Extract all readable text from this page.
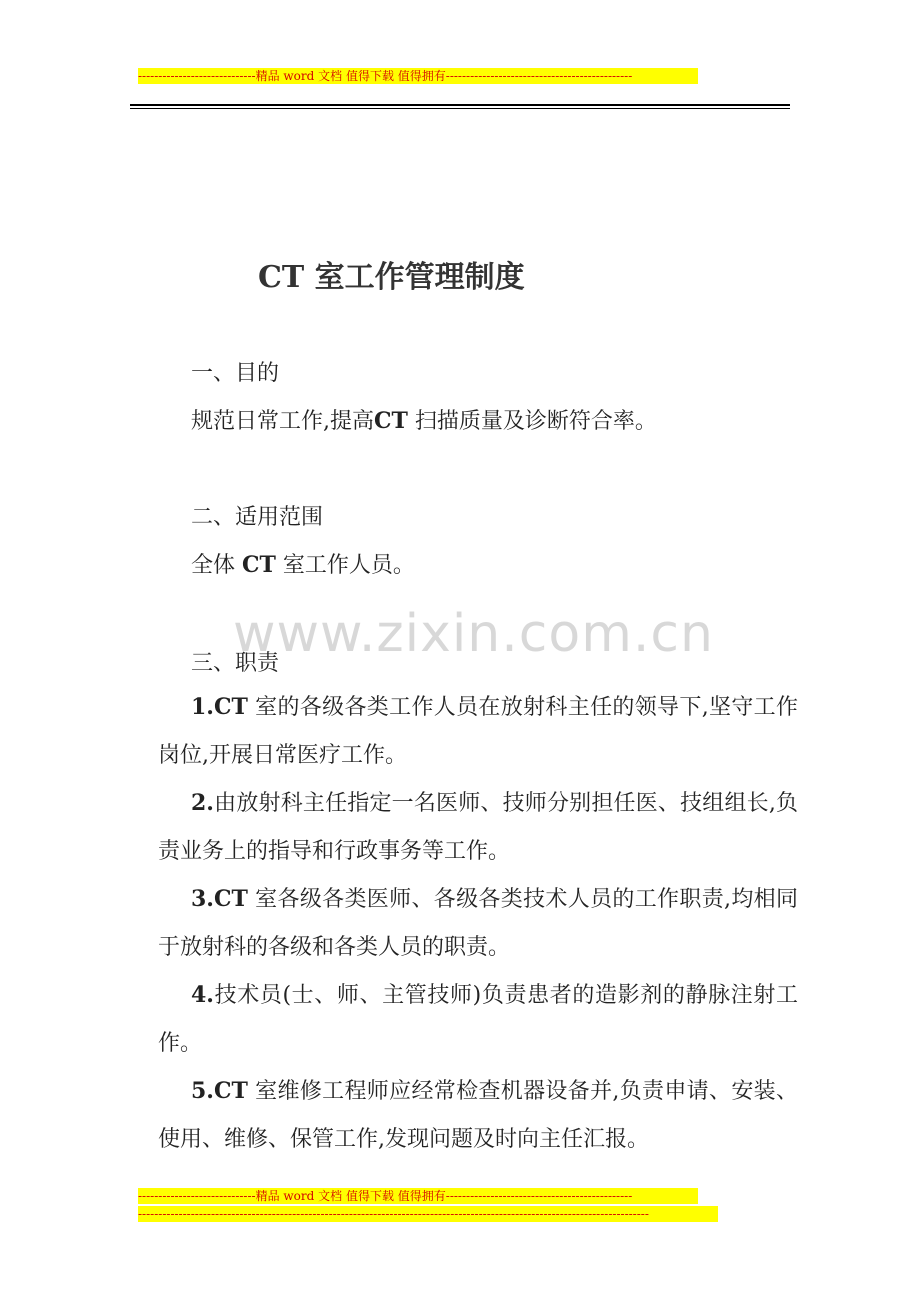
-----------------------------精品 word 文档 值得下载 值得拥有----------------------------------------------
CT 室工作管理制度
一、目的
规范日常工作,提高CT 扫描质量及诊断符合率。
二、适用范围
全体 CT 室工作人员。
www.zixin.com.cn
三、职责
1.CT 室的各级各类工作人员在放射科主任的领导下,坚守工作岗位,开展日常医疗工作。
2.由放射科主任指定一名医师、技师分别担任医、技组组长,负责业务上的指导和行政事务等工作。
3.CT 室各级各类医师、各级各类技术人员的工作职责,均相同于放射科的各级和各类人员的职责。
4.技术员(士、师、主管技师)负责患者的造影剂的静脉注射工作。
5.CT 室维修工程师应经常检查机器设备并,负责申请、安装、使用、维修、保管工作,发现问题及时向主任汇报。
-----------------------------精品 word 文档 值得下载 值得拥有----------------------------------------------
------------------------------------------------------------------------------------------------------------------------------
